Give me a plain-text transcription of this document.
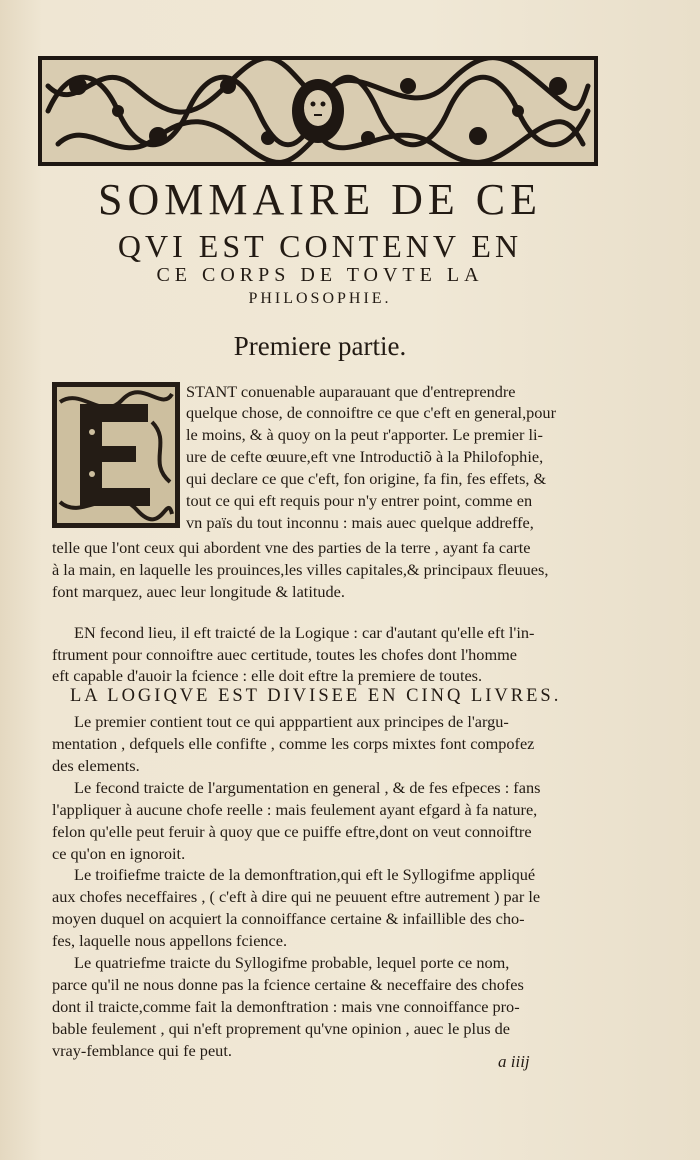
SOMMAIRE DE CE
QVI EST CONTENV EN
CE CORPS DE TOVTE LA
PHILOSOPHIE.
Premiere partie.
STANT conuenable auparauant que d'entreprendre
quelque chose, de connoiftre ce que c'eft en general,pour
le moins, & à quoy on la peut r'apporter. Le premier li-
ure de cefte œuure,eft vne Introductiõ à la Philofophie,
qui declare ce que c'eft, fon origine, fa fin, fes effets, &
tout ce qui eft requis pour n'y entrer point, comme en
vn païs du tout inconnu : mais auec quelque addreffe,
telle que l'ont ceux qui abordent vne des parties de la terre , ayant fa carte
à la main, en laquelle les prouinces,les villes capitales,& principaux fleuues,
font marquez, auec leur longitude & latitude.
EN fecond lieu, il eft traicté de la Logique : car d'autant qu'elle eft l'in-
ftrument pour connoiftre auec certitude, toutes les chofes dont l'homme
eft capable d'auoir la fcience : elle doit eftre la premiere de toutes.
LA LOGIQVE EST DIVISEE EN CINQ LIVRES.
Le premier contient tout ce qui apppartient aux principes de l'argu-
mentation , defquels elle confifte , comme les corps mixtes font compofez
des elements.
Le fecond traicte de l'argumentation en general , & de fes efpeces : fans
l'appliquer à aucune chofe reelle : mais feulement ayant efgard à fa nature,
felon qu'elle peut feruir à quoy que ce puiffe eftre,dont on veut connoiftre
ce qu'on en ignoroit.
Le troifiefme traicte de la demonftration,qui eft le Syllogifme appliqué
aux chofes neceffaires , ( c'eft à dire qui ne peuuent eftre autrement ) par le
moyen duquel on acquiert la connoiffance certaine & infaillible des cho-
fes, laquelle nous appellons fcience.
Le quatriefme traicte du Syllogifme probable, lequel porte ce nom,
parce qu'il ne nous donne pas la fcience certaine & neceffaire des chofes
dont il traicte,comme fait la demonftration : mais vne connoiffance pro-
bable feulement , qui n'eft proprement qu'vne opinion , auec le plus de
vray-femblance qui fe peut.
a iiij
